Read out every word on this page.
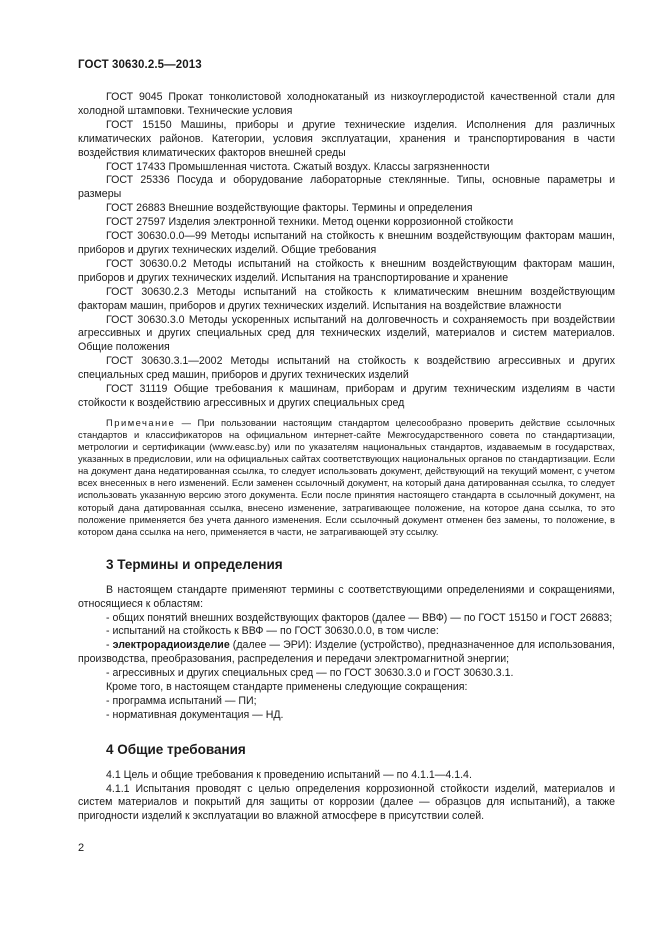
ГОСТ 30630.2.5—2013

ГОСТ 9045 Прокат тонколистовой холоднокатаный из низкоуглеродистой качественной стали для холодной штамповки. Технические условия

ГОСТ 15150 Машины, приборы и другие технические изделия. Исполнения для различных климатических районов. Категории, условия эксплуатации, хранения и транспортирования в части воздействия климатических факторов внешней среды

ГОСТ 17433 Промышленная чистота. Сжатый воздух. Классы загрязненности

ГОСТ 25336 Посуда и оборудование лабораторные стеклянные. Типы, основные параметры и размеры

ГОСТ 26883 Внешние воздействующие факторы. Термины и определения

ГОСТ 27597 Изделия электронной техники. Метод оценки коррозионной стойкости

ГОСТ 30630.0.0—99 Методы испытаний на стойкость к внешним воздействующим факторам машин, приборов и других технических изделий. Общие требования

ГОСТ 30630.0.2 Методы испытаний на стойкость к внешним воздействующим факторам машин, приборов и других технических изделий. Испытания на транспортирование и хранение

ГОСТ 30630.2.3 Методы испытаний на стойкость к климатическим внешним воздействующим факторам машин, приборов и других технических изделий. Испытания на воздействие влажности

ГОСТ 30630.3.0 Методы ускоренных испытаний на долговечность и сохраняемость при воздействии агрессивных и других специальных сред для технических изделий, материалов и систем материалов. Общие положения

ГОСТ 30630.3.1—2002 Методы испытаний на стойкость к воздействию агрессивных и других специальных сред машин, приборов и других технических изделий

ГОСТ 31119 Общие требования к машинам, приборам и другим техническим изделиям в части стойкости к воздействию агрессивных и других специальных сред

Примечание — При пользовании настоящим стандартом целесообразно проверить действие ссылочных стандартов и классификаторов на официальном интернет-сайте Межгосударственного совета по стандартизации, метрологии и сертификации (www.easc.by) или по указателям национальных стандартов, издаваемым в государствах, указанных в предисловии, или на официальных сайтах соответствующих национальных органов по стандартизации. Если на документ дана недатированная ссылка, то следует использовать документ, действующий на текущий момент, с учетом всех внесенных в него изменений. Если заменен ссылочный документ, на который дана датированная ссылка, то следует использовать указанную версию этого документа. Если после принятия настоящего стандарта в ссылочный документ, на который дана датированная ссылка, внесено изменение, затрагивающее положение, на которое дана ссылка, то это положение применяется без учета данного изменения. Если ссылочный документ отменен без замены, то положение, в котором дана ссылка на него, применяется в части, не затрагивающей эту ссылку.

3 Термины и определения

В настоящем стандарте применяют термины с соответствующими определениями и сокращениями, относящиеся к областям:

- общих понятий внешних воздействующих факторов (далее — ВВФ) — по ГОСТ 15150 и ГОСТ 26883;

- испытаний на стойкость к ВВФ — по ГОСТ 30630.0.0, в том числе:

- электрорадиоизделие (далее — ЭРИ): Изделие (устройство), предназначенное для использования, производства, преобразования, распределения и передачи электромагнитной энергии;

- агрессивных и других специальных сред — по ГОСТ 30630.3.0 и ГОСТ 30630.3.1.

Кроме того, в настоящем стандарте применены следующие сокращения:

- программа испытаний — ПИ;

- нормативная документация — НД.

4 Общие требования

4.1 Цель и общие требования к проведению испытаний — по 4.1.1—4.1.4.

4.1.1 Испытания проводят с целью определения коррозионной стойкости изделий, материалов и систем материалов и покрытий для защиты от коррозии (далее — образцов для испытаний), а также пригодности изделий к эксплуатации во влажной атмосфере в присутствии солей.

2
